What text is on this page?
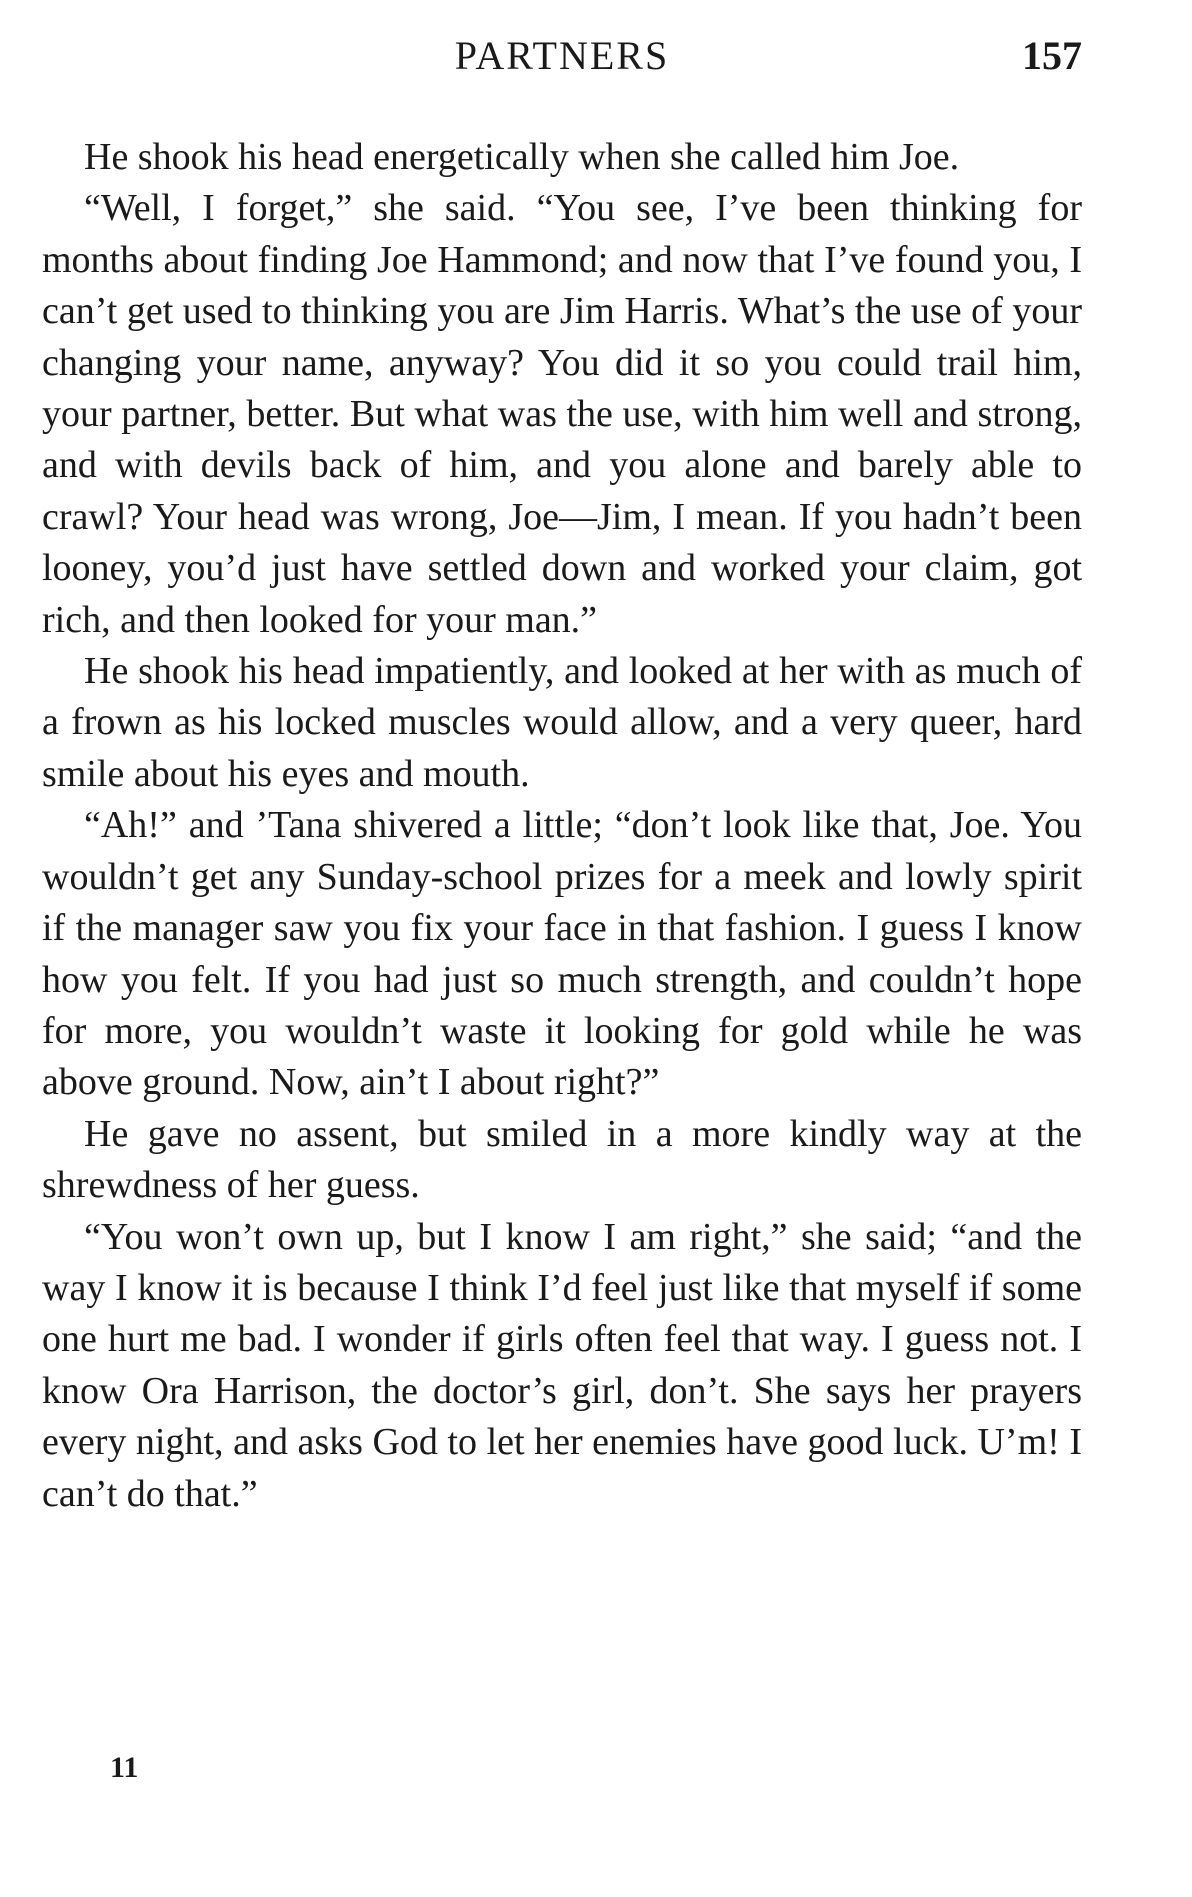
PARTNERS	157

He shook his head energetically when she called him Joe.

“Well, I forget,” she said. “You see, I’ve been thinking for months about finding Joe Hammond; and now that I’ve found you, I can’t get used to thinking you are Jim Harris. What’s the use of your changing your name, anyway? You did it so you could trail him, your partner, better. But what was the use, with him well and strong, and with devils back of him, and you alone and barely able to crawl? Your head was wrong, Joe—Jim, I mean. If you hadn’t been looney, you’d just have settled down and worked your claim, got rich, and then looked for your man.”

He shook his head impatiently, and looked at her with as much of a frown as his locked muscles would allow, and a very queer, hard smile about his eyes and mouth.

“Ah!” and ’Tana shivered a little; “don’t look like that, Joe. You wouldn’t get any Sunday-school prizes for a meek and lowly spirit if the manager saw you fix your face in that fashion. I guess I know how you felt. If you had just so much strength, and couldn’t hope for more, you wouldn’t waste it looking for gold while he was above ground. Now, ain’t I about right?”

He gave no assent, but smiled in a more kindly way at the shrewdness of her guess.

“You won’t own up, but I know I am right,” she said; “and the way I know it is because I think I’d feel just like that myself if some one hurt me bad. I wonder if girls often feel that way. I guess not. I know Ora Harrison, the doctor’s girl, don’t. She says her prayers every night, and asks God to let her enemies have good luck. U’m! I can’t do that.”

11
